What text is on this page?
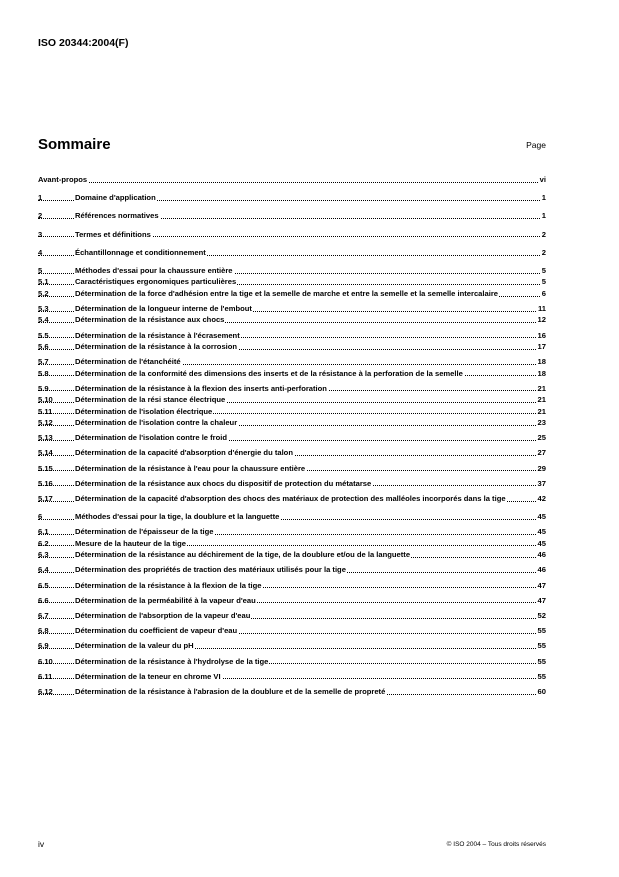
ISO 20344:2004(F)
Sommaire	Page
Avant-propos	vi
1	Domaine d'application	1
2	Références normatives	1
3	Termes et définitions	2
4	Échantillonnage et conditionnement	2
5	Méthodes d'essai pour la chaussure entière	5
5.1	Caractéristiques ergonomiques particulières	5
5.2	Détermination de la force d'adhésion entre la tige et la semelle de marche et entre la semelle et la semelle intercalaire	6
5.3	Détermination de la longueur interne de l'embout	11
5.4	Détermination de la résistance aux chocs	12
5.5	Détermination de la résistance à l'écrasement	16
5.6	Détermination de la résistance à la corrosion	17
5.7	Détermination de l'étanchéité	18
5.8	Détermination de la conformité des dimensions des inserts et de la résistance à la perforation de la semelle	18
5.9	Détermination de la résistance à la flexion des inserts anti-perforation	21
5.10	Détermination de la rési stance électrique	21
5.11	Détermination de l'isolation électrique	21
5.12	Détermination de l'isolation contre la chaleur	23
5.13	Détermination de l'isolation contre le froid	25
5.14	Détermination de la capacité d'absorption d'énergie du talon	27
5.15	Détermination de la résistance à l'eau pour la chaussure entière	29
5.16	Détermination de la résistance aux chocs du dispositif de protection du métatarse	37
5.17	Détermination de la capacité d'absorption des chocs des matériaux de protection des malléoles incorporés dans la tige	42
6	Méthodes d'essai pour la tige, la doublure et la languette	45
6.1	Détermination de l'épaisseur de la tige	45
6.2	Mesure de la hauteur de la tige	45
6.3	Détermination de la résistance au déchirement de la tige, de la doublure et/ou de la languette	46
6.4	Détermination des propriétés de traction des matériaux utilisés pour la tige	46
6.5	Détermination de la résistance à la flexion de la tige	47
6.6	Détermination de la perméabilité à la vapeur d'eau	47
6.7	Détermination de l'absorption de la vapeur d'eau	52
6.8	Détermination du coefficient de vapeur d'eau	55
6.9	Détermination de la valeur du pH	55
6.10	Détermination de la résistance à l'hydrolyse de la tige	55
6.11	Détermination de la teneur en chrome VI	55
6.12	Détermination de la résistance à l'abrasion de la doublure et de la semelle de propreté	60
iv	© ISO 2004 – Tous droits réservés
